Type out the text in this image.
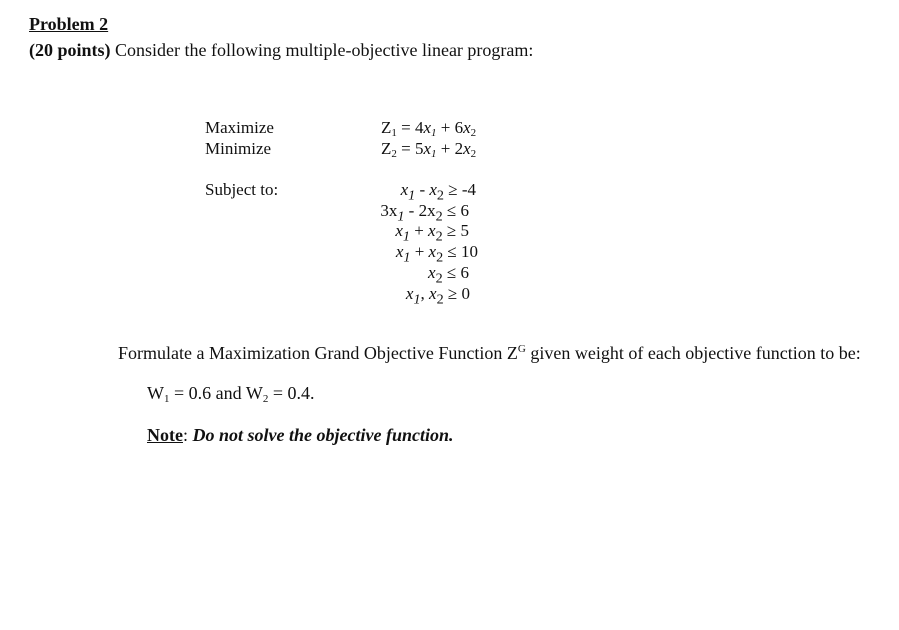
Problem 2
(20 points) Consider the following multiple-objective linear program:
Maximize
Minimize
Subject to:
$Z_1 = 4x_1 + 6x_2$
$Z_2 = 5x_1 + 2x_2$
$x_1 - x_2 \ge -4$
$3x_1 - 2x_2 \le 6$
$x_1 + x_2 \ge 5$
$x_1 + x_2 \le 10$
$x_2 \le 6$
$x_1$, $x_2 \ge 0$
Formulate a Maximization Grand Objective Function $Z^G$ given weight of each objective function to be:
$W_1 = 0.6$ and $W_2 = 0.4$.
Note: Do not solve the objective function.
